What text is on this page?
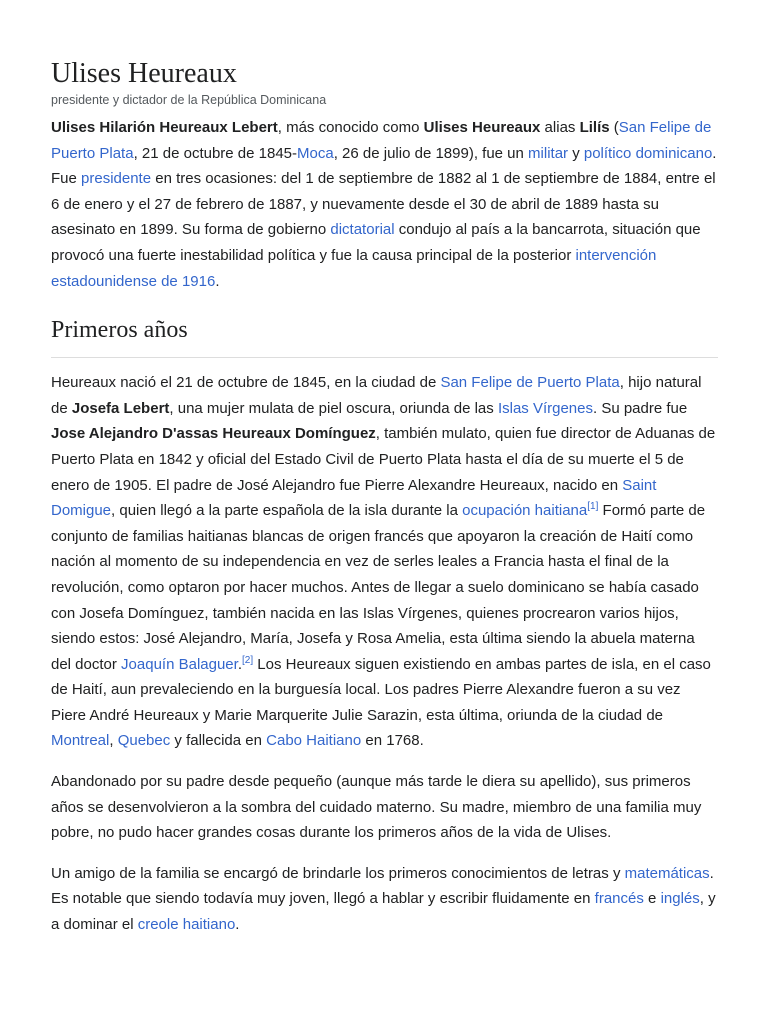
Ulises Heureaux
presidente y dictador de la República Dominicana

Ulises Hilarión Heureaux Lebert, más conocido como Ulises Heureaux alias Lilís (San Felipe de Puerto Plata, 21 de octubre de 1845-Moca, 26 de julio de 1899), fue un militar y político dominicano. Fue presidente en tres ocasiones: del 1 de septiembre de 1882 al 1 de septiembre de 1884, entre el 6 de enero y el 27 de febrero de 1887, y nuevamente desde el 30 de abril de 1889 hasta su asesinato en 1899. Su forma de gobierno dictatorial condujo al país a la bancarrota, situación que provocó una fuerte inestabilidad política y fue la causa principal de la posterior intervención estadounidense de 1916.

Primeros años

Heureaux nació el 21 de octubre de 1845, en la ciudad de San Felipe de Puerto Plata, hijo natural de Josefa Lebert, una mujer mulata de piel oscura, oriunda de las Islas Vírgenes. Su padre fue Jose Alejandro D'assas Heureaux Domínguez, también mulato, quien fue director de Aduanas de Puerto Plata en 1842 y oficial del Estado Civil de Puerto Plata hasta el día de su muerte el 5 de enero de 1905. El padre de José Alejandro fue Pierre Alexandre Heureaux, nacido en Saint Domigue, quien llegó a la parte española de la isla durante la ocupación haitiana[1] Formó parte de conjunto de familias haitianas blancas de origen francés que apoyaron la creación de Haití como nación al momento de su independencia en vez de serles leales a Francia hasta el final de la revolución, como optaron por hacer muchos. Antes de llegar a suelo dominicano se había casado con Josefa Domínguez, también nacida en las Islas Vírgenes, quienes procrearon varios hijos, siendo estos: José Alejandro, María, Josefa y Rosa Amelia, esta última siendo la abuela materna del doctor Joaquín Balaguer.[2] Los Heureaux siguen existiendo en ambas partes de isla, en el caso de Haití, aun prevaleciendo en la burguesía local. Los padres Pierre Alexandre fueron a su vez Piere André Heureaux y Marie Marquerite Julie Sarazin, esta última, oriunda de la ciudad de Montreal, Quebec y fallecida en Cabo Haitiano en 1768.

Abandonado por su padre desde pequeño (aunque más tarde le diera su apellido), sus primeros años se desenvolvieron a la sombra del cuidado materno. Su madre, miembro de una familia muy pobre, no pudo hacer grandes cosas durante los primeros años de la vida de Ulises.

Un amigo de la familia se encargó de brindarle los primeros conocimientos de letras y matemáticas. Es notable que siendo todavía muy joven, llegó a hablar y escribir fluidamente en francés e inglés, y a dominar el creole haitiano.
